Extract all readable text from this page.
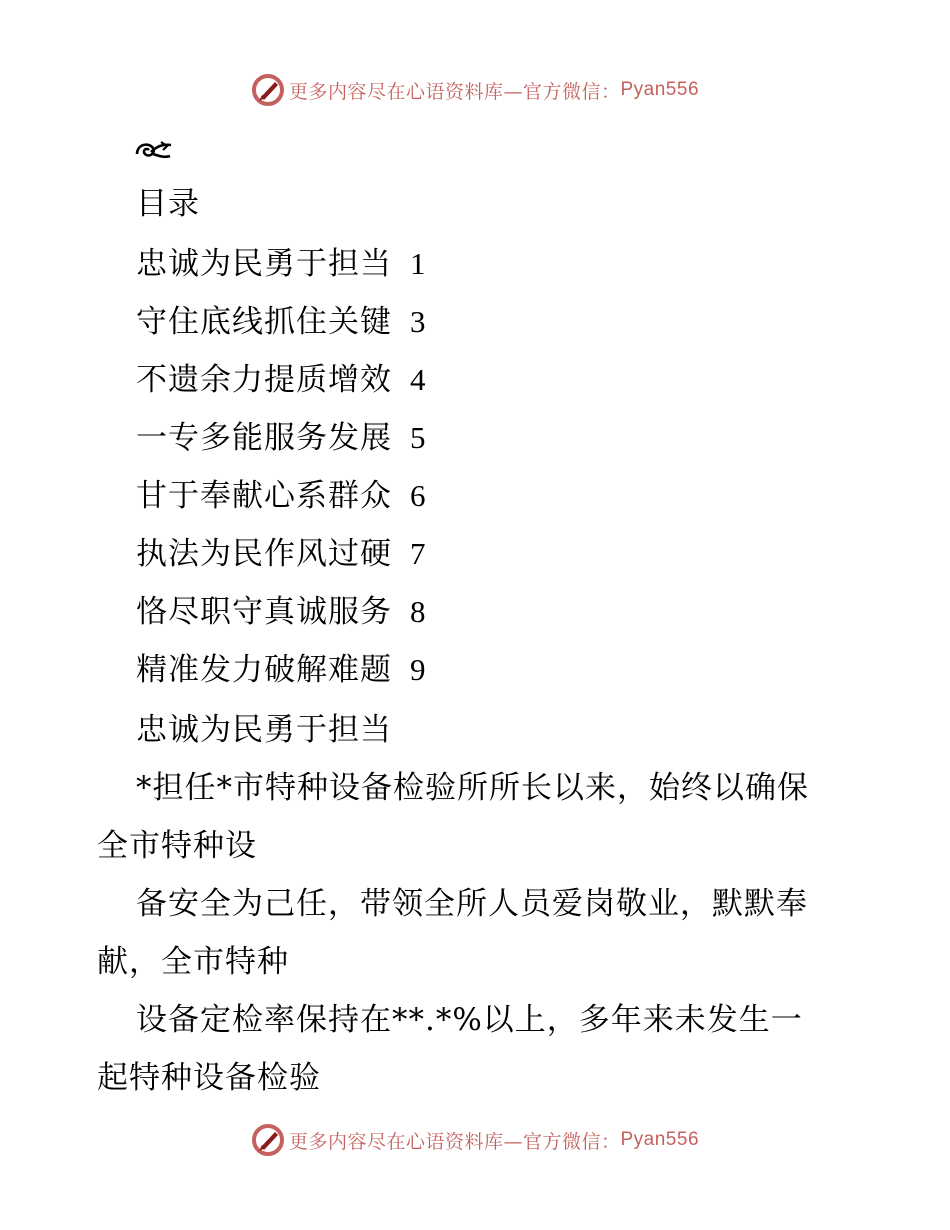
更多内容尽在心语资料库—官方微信： Pyan556
目录
忠诚为民勇于担当 1
守住底线抓住关键 3
不遗余力提质增效 4
一专多能服务发展 5
甘于奉献心系群众 6
执法为民作风过硬 7
恪尽职守真诚服务 8
精准发力破解难题 9
忠诚为民勇于担当
*担任*市特种设备检验所所长以来，始终以确保
全市特种设
备安全为己任，带领全所人员爱岗敬业，默默奉
献，全市特种
设备定检率保持在**.*%以上，多年来未发生一
起特种设备检验
更多内容尽在心语资料库—官方微信： Pyan556
